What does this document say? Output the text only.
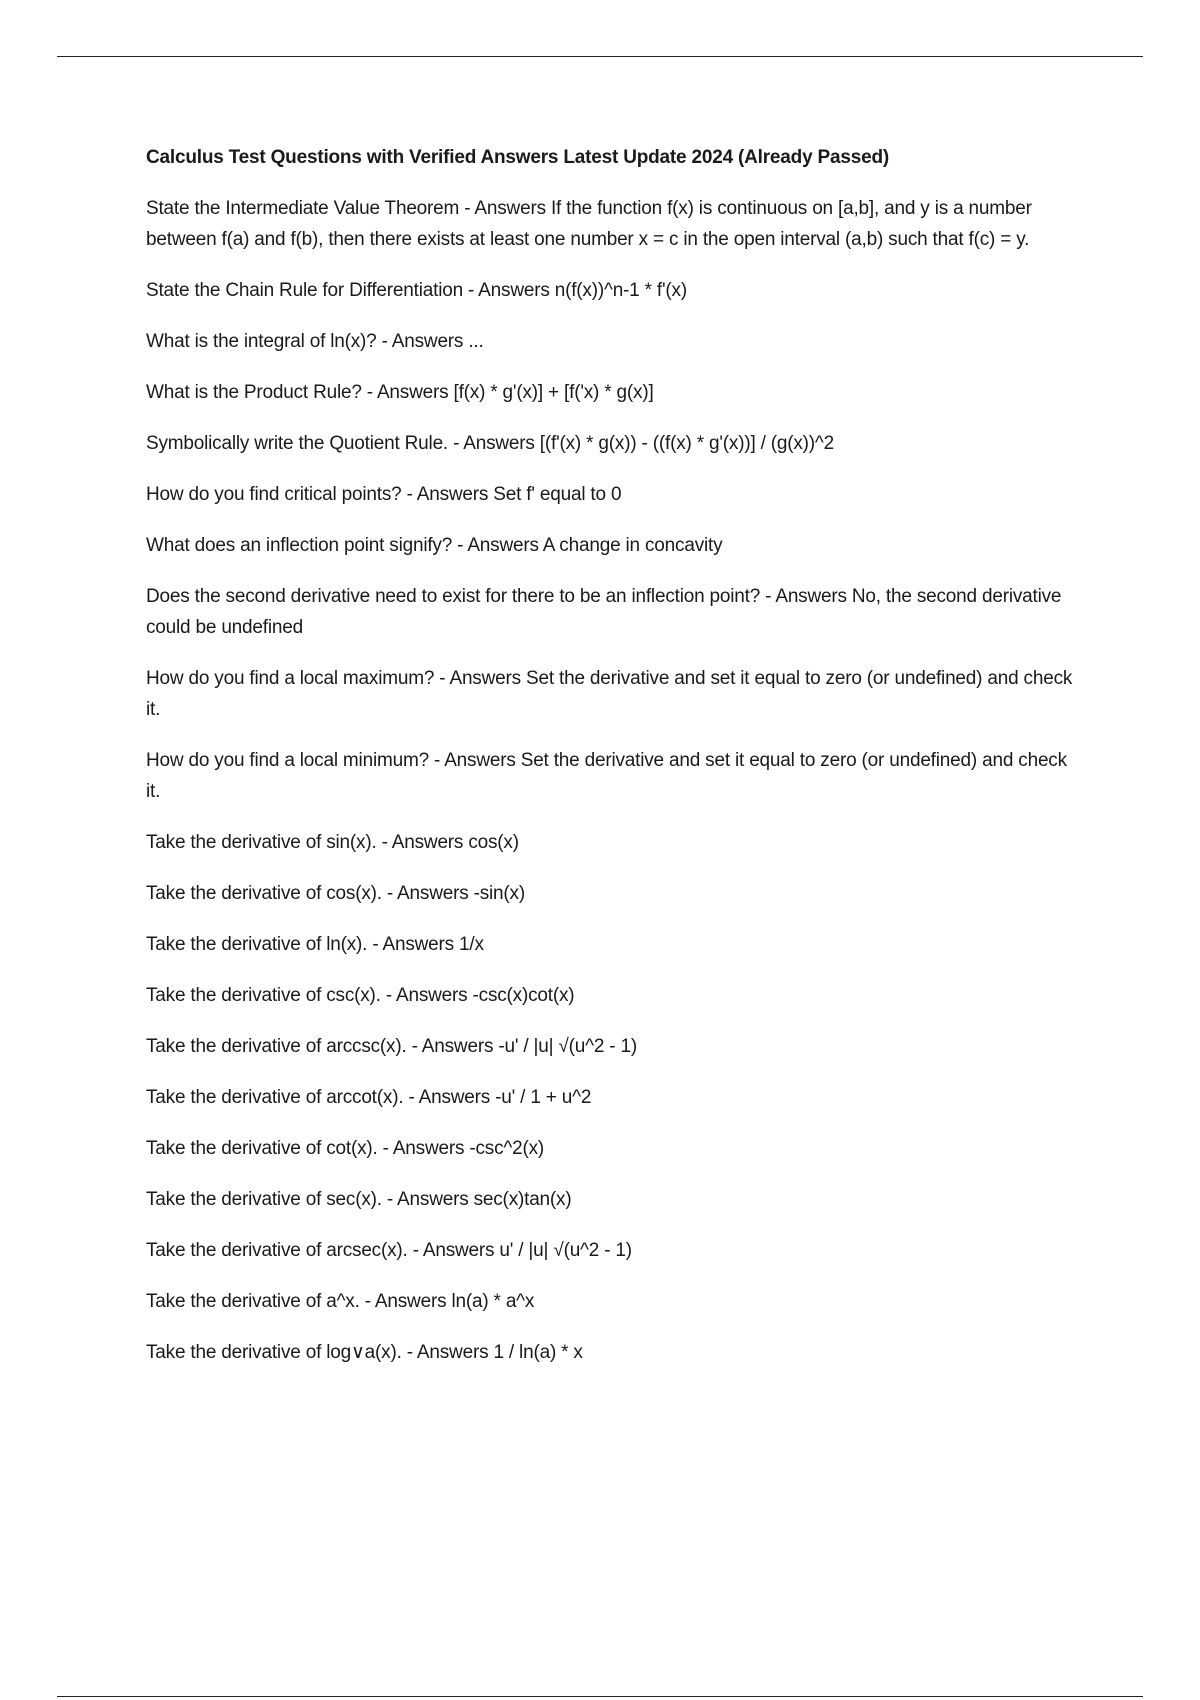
Calculus Test Questions with Verified Answers Latest Update 2024 (Already Passed)
State the Intermediate Value Theorem - Answers If the function f(x) is continuous on [a,b], and y is a number between f(a) and f(b), then there exists at least one number x = c in the open interval (a,b) such that f(c) = y.
State the Chain Rule for Differentiation - Answers n(f(x))^n-1 * f'(x)
What is the integral of ln(x)? - Answers ...
What is the Product Rule? - Answers [f(x) * g'(x)] + [f('x) * g(x)]
Symbolically write the Quotient Rule. - Answers [(f'(x) * g(x)) - ((f(x) * g'(x))] / (g(x))^2
How do you find critical points? - Answers Set f' equal to 0
What does an inflection point signify? - Answers A change in concavity
Does the second derivative need to exist for there to be an inflection point? - Answers No, the second derivative could be undefined
How do you find a local maximum? - Answers Set the derivative and set it equal to zero (or undefined) and check it.
How do you find a local minimum? - Answers Set the derivative and set it equal to zero (or undefined) and check it.
Take the derivative of sin(x). - Answers cos(x)
Take the derivative of cos(x). - Answers -sin(x)
Take the derivative of ln(x). - Answers 1/x
Take the derivative of csc(x). - Answers -csc(x)cot(x)
Take the derivative of arccsc(x). - Answers -u' / |u| √(u^2 - 1)
Take the derivative of arccot(x). - Answers -u' / 1 + u^2
Take the derivative of cot(x). - Answers -csc^2(x)
Take the derivative of sec(x). - Answers sec(x)tan(x)
Take the derivative of arcsec(x). - Answers u' / |u| √(u^2 - 1)
Take the derivative of a^x. - Answers ln(a) * a^x
Take the derivative of log∨a(x). - Answers 1 / ln(a) * x
